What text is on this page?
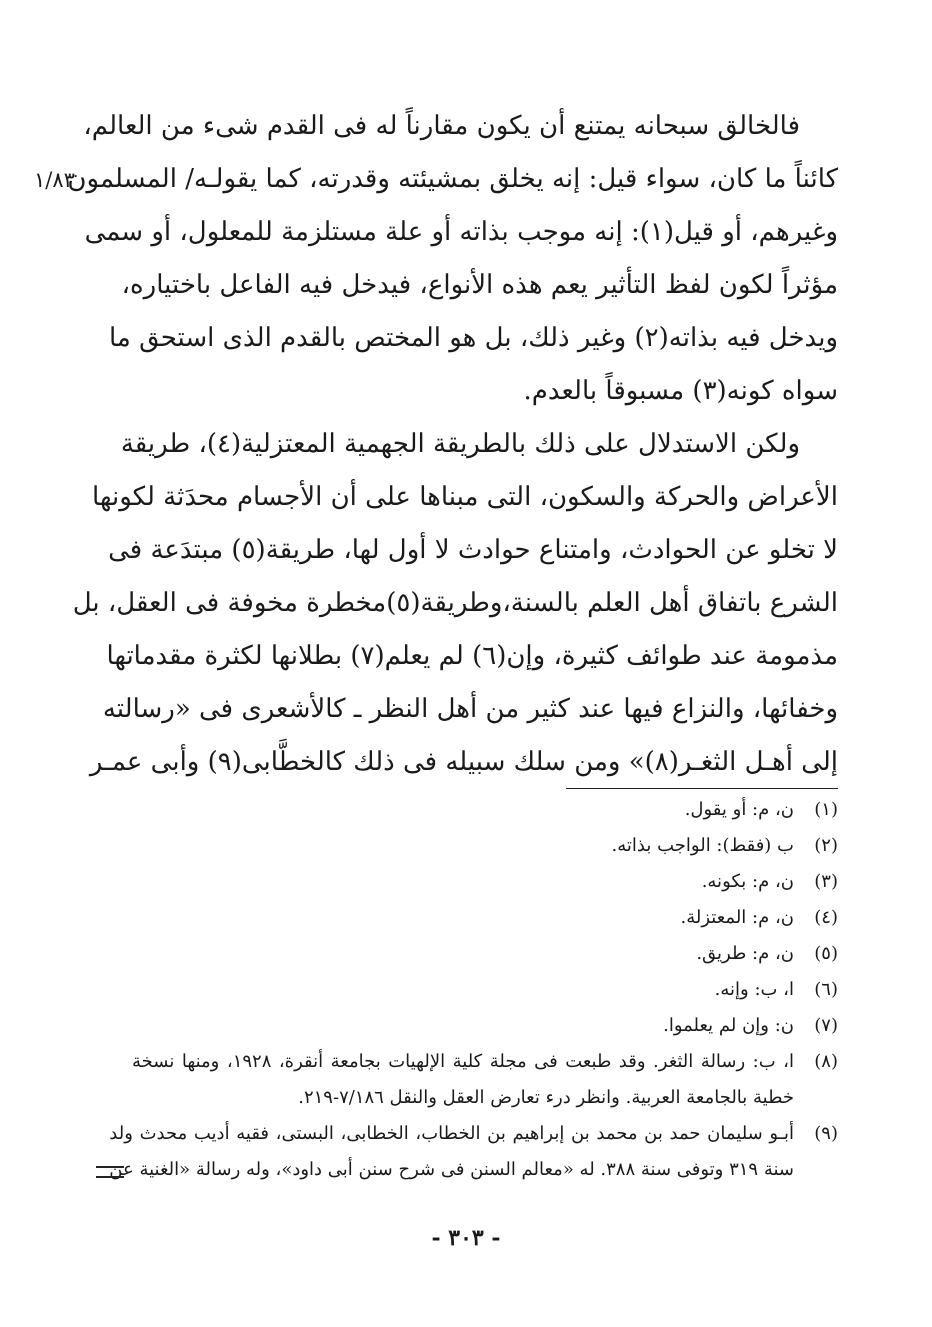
١/٨٣
فالخالق سبحانه يمتنع أن يكون مقارناً له فى القدم شىء من العالم،
كائناً ما كان، سواء قيل: إنه يخلق بمشيئته وقدرته، كما يقولـه/ المسلمون
وغيرهم، أو قيل(١): إنه موجب بذاته أو علة مستلزمة للمعلول، أو سمى
مؤثراً لكون لفظ التأثير يعم هذه الأنواع، فيدخل فيه الفاعل باختياره،
ويدخل فيه بذاته(٢) وغير ذلك، بل هو المختص بالقدم الذى استحق ما
سواه كونه(٣) مسبوقاً بالعدم.
ولكن الاستدلال على ذلك بالطريقة الجهمية المعتزلية(٤)، طريقة
الأعراض والحركة والسكون، التى مبناها على أن الأجسام محدَثة لكونها
لا تخلو عن الحوادث، وامتناع حوادث لا أول لها، طريقة(٥) مبتدَعة فى
الشرع باتفاق أهل العلم بالسنة،وطريقة(٥)مخطرة مخوفة فى العقل، بل
مذمومة عند طوائف كثيرة، وإن(٦) لم يعلم(٧) بطلانها لكثرة مقدماتها
وخفائها، والنزاع فيها عند كثير من أهل النظر ـ كالأشعرى فى «رسالته
إلى أهـل الثغـر(٨)» ومن سلك سبيله فى ذلك كالخطَّابى(٩) وأبى عمـر
(١)
ن، م: أو يقول.
(٢)
ب (فقط): الواجب بذاته.
(٣)
ن، م: بكونه.
(٤)
ن، م: المعتزلة.
(٥)
ن، م: طريق.
(٦)
ا، ب: وإنه.
(٧)
ن: وإن لم يعلموا.
(٨)
ا، ب: رسالة الثغر. وقد طبعت فى مجلة كلية الإلهيات بجامعة أنقرة، ١٩٢٨، ومنها نسخة
خطية بالجامعة العربية. وانظر درء تعارض العقل والنقل ٧/١٨٦-٢١٩.
(٩)
أبـو سليمان حمد بن محمد بن إبراهيم بن الخطاب، الخطابى، البستى، فقيه أديب محدث ولد
سنة ٣١٩ وتوفى سنة ٣٨٨. له «معالم السنن فى شرح سنن أبى داود»، وله رسالة «الغنية عن
- ٣٠٣ -
